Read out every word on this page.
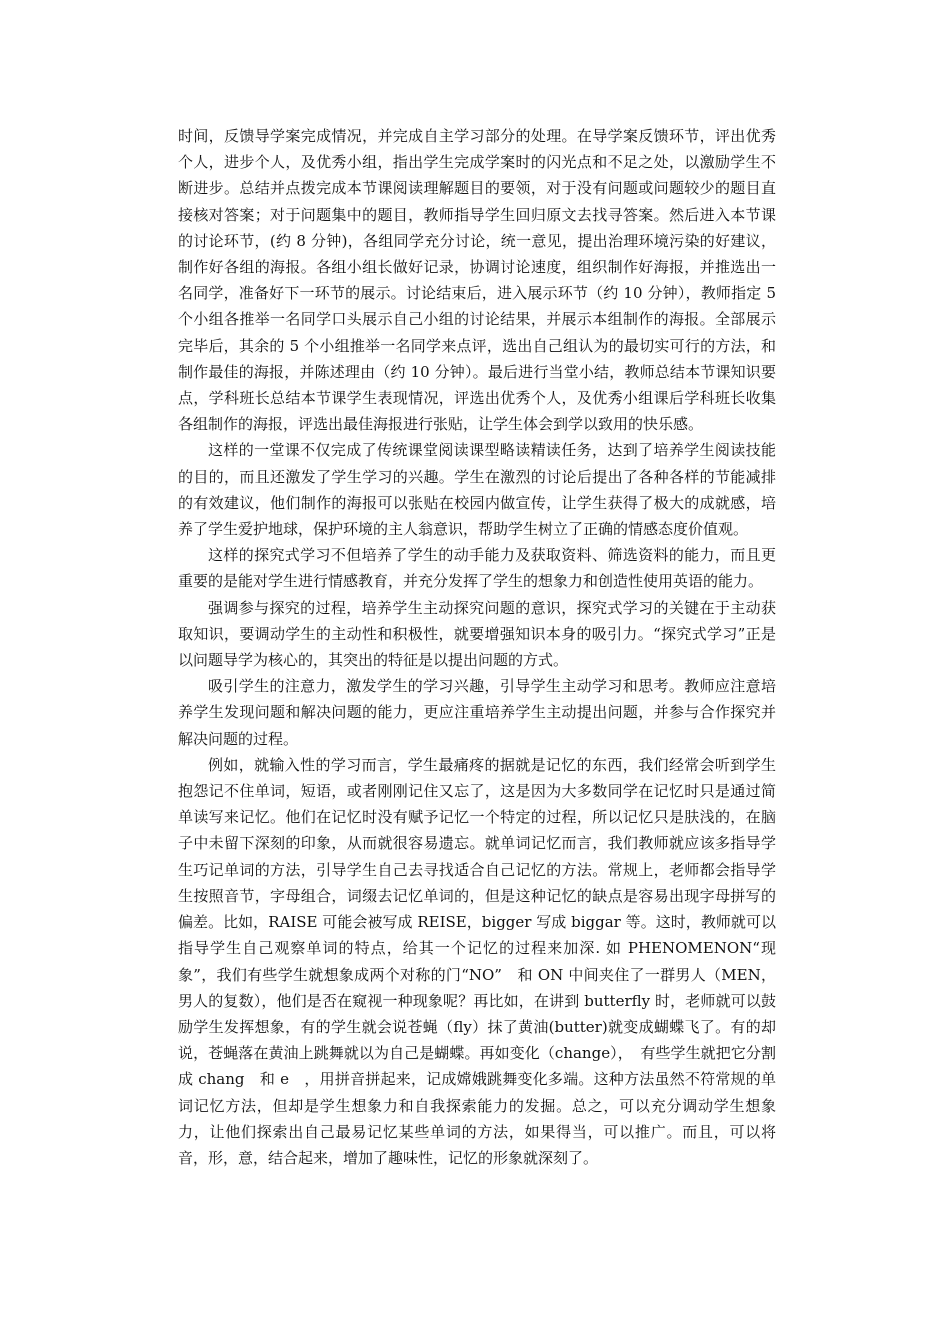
时间，反馈导学案完成情况，并完成自主学习部分的处理。在导学案反馈环节，评出优秀个人，进步个人，及优秀小组，指出学生完成学案时的闪光点和不足之处，以激励学生不断进步。总结并点拨完成本节课阅读理解题目的要领，对于没有问题或问题较少的题目直接核对答案；对于问题集中的题目，教师指导学生回归原文去找寻答案。然后进入本节课的讨论环节，(约 8 分钟)，各组同学充分讨论，统一意见，提出治理环境污染的好建议，制作好各组的海报。各组小组长做好记录，协调讨论速度，组织制作好海报，并推选出一名同学，准备好下一环节的展示。讨论结束后，进入展示环节（约 10 分钟），教师指定 5 个小组各推举一名同学口头展示自己小组的讨论结果，并展示本组制作的海报。全部展示完毕后，其余的 5 个小组推举一名同学来点评，选出自己组认为的最切实可行的方法，和制作最佳的海报，并陈述理由（约 10 分钟）。最后进行当堂小结，教师总结本节课知识要点，学科班长总结本节课学生表现情况，评选出优秀个人，及优秀小组课后学科班长收集各组制作的海报，评选出最佳海报进行张贴，让学生体会到学以致用的快乐感。

这样的一堂课不仅完成了传统课堂阅读课型略读精读任务，达到了培养学生阅读技能的目的，而且还激发了学生学习的兴趣。学生在激烈的讨论后提出了各种各样的节能减排的有效建议，他们制作的海报可以张贴在校园内做宣传，让学生获得了极大的成就感，培养了学生爱护地球，保护环境的主人翁意识，帮助学生树立了正确的情感态度价值观。

这样的探究式学习不但培养了学生的动手能力及获取资料、筛选资料的能力，而且更重要的是能对学生进行情感教育，并充分发挥了学生的想象力和创造性使用英语的能力。

强调参与探究的过程，培养学生主动探究问题的意识，探究式学习的关键在于主动获取知识，要调动学生的主动性和积极性，就要增强知识本身的吸引力。“探究式学习”正是以问题导学为核心的，其突出的特征是以提出问题的方式。

吸引学生的注意力，激发学生的学习兴趣，引导学生主动学习和思考。教师应注意培养学生发现问题和解决问题的能力，更应注重培养学生主动提出问题，并参与合作探究并解决问题的过程。

例如，就输入性的学习而言，学生最痛疼的据就是记忆的东西，我们经常会听到学生抱怨记不住单词，短语，或者刚刚记住又忘了，这是因为大多数同学在记忆时只是通过简单读写来记忆。他们在记忆时没有赋予记忆一个特定的过程，所以记忆只是肤浅的，在脑子中未留下深刻的印象，从而就很容易遗忘。就单词记忆而言，我们教师就应该多指导学生巧记单词的方法，引导学生自己去寻找适合自己记忆的方法。常规上，老师都会指导学生按照音节，字母组合，词缀去记忆单词的，但是这种记忆的缺点是容易出现字母拼写的偏差。比如，RAISE 可能会被写成 REISE，bigger 写成 biggar 等。这时，教师就可以指导学生自己观察单词的特点，给其一个记忆的过程来加深. 如 PHENOMENON“现象”，我们有些学生就想象成两个对称的门“NO”　和 ON 中间夹住了一群男人（MEN，男人的复数），他们是否在窥视一种现象呢？再比如，在讲到 butterfly 时，老师就可以鼓励学生发挥想象，有的学生就会说苍蝇（fly）抹了黄油(butter)就变成蝴蝶飞了。有的却说，苍蝇落在黄油上跳舞就以为自己是蝴蝶。再如变化（change），　有些学生就把它分割成 chang　和 e　，用拼音拼起来，记成嫦娥跳舞变化多端。这种方法虽然不符常规的单词记忆方法，但却是学生想象力和自我探索能力的发掘。总之，可以充分调动学生想象力，让他们探索出自己最易记忆某些单词的方法，如果得当，可以推广。而且，可以将音，形，意，结合起来，增加了趣味性，记忆的形象就深刻了。
